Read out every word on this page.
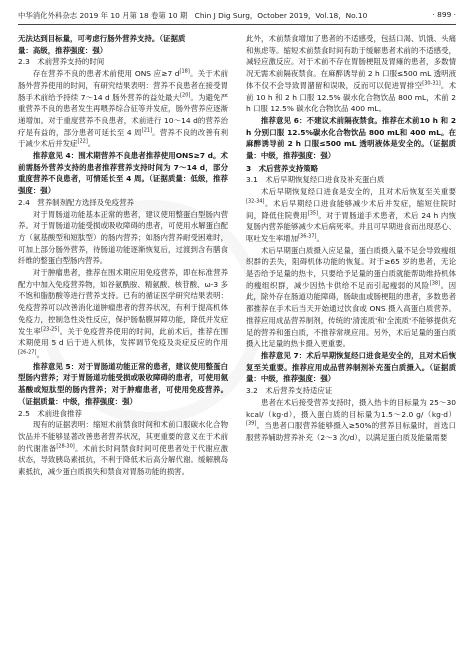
中华消化外科杂志 2019 年 10 月第 18 卷第 10 期　Chin J Dig Surg，October 2019，Vol.18，No.10	· 899 ·

无法达到目标量，可考虑行肠外营养支持。（证据质
量：高级，推荐强度：强）

2.3　术前营养支持的时间

存在营养不良的患者术前使用 ONS 应≥7 d[18]。关于术前肠外营养使用的时间，有研究结果表明：营养不良患者在接受胃肠手术前给予持续 7～14 d 肠外营养的益处最大[20]。为避免严重营养不良的患者发生再喂养综合征等并发症，肠外营养应逐渐递增加。对于重度营养不良患者，术前进行 10～14 d的营养治疗是有益的，部分患者可延长至 4 周[21]。营养不良的改善有利于减少术后并发症[22]。

推荐意见 4：围术期营养不良患者推荐使用ONS≥7 d。术前需肠外营养支持的患者推荐营养支持时间为 7～14 d，部分重度营养不良患者，可情延长至 4 周。（证据质量：低级，推荐强度：强）

2.4　营养制剂配方选择及免疫营养

对于胃肠道功能基本正常的患者，建议使用整蛋白型肠内营养。对于胃肠道功能受损或吸收障碍的患者，可使用水解蛋白配方（氨基酸型和短肽型）的肠内营养；如肠内营养耐受困难时，可加上部分肠外营养，待肠道功能逐渐恢复后，过渡到含有膳食纤维的整蛋白型肠内营养。

对于肿瘤患者，推荐在围术期应用免疫营养，即在标准营养配方中加入免疫营养物，如谷氨酰胺、精氨酸、核苷酸、ω-3 多不饱和脂肪酸等进行营养支持。已有的循证医学研究结果表明：免疫营养可以改善消化道肿瘤患者的营养状况，有利于提高机体免疫力，控制急性炎性反应，保护肠黏膜屏障功能，降低并发症发生率[23-25]。关于免疫营养使用的时间，此前术后，推荐在围术期使用 5 d 后于进入机体，发挥调节免疫及炎症反应的作用[26-27]。

推荐意见 5：对于胃肠道功能正常的患者，建议使用整蛋白型肠内营养；对于胃肠道功能受损或吸收障碍的患者，可使用氨基酸或短肽型的肠内营养；对于肿瘤患者，可使用免疫营养。（证据质量：中级，推荐强度：强）

2.5　术前进食推荐

现有的证据表明：缩短术前禁食时间和术前口服碳水化合物饮品并不能够显著改善患者营养状况，其更重要的意义在于术前的代谢准备[28-30]。术前长时间禁食时间可使患者处于代谢应激状态，导致胰岛素抵抗，不利于降低术后高分解代谢。缓解胰岛素抵抗，减少蛋白质损失和禁食对胃肠功能的损害。

此外，术前禁食增加了患者的不适感受，包括口渴、饥饿、头痛和焦虑等。缩短术前禁食时间有助于缓解患者术前的不适感受，减轻应激反应。对于术前不存在胃肠梗阻及胃瘫的患者，多数情况无需术前隔夜禁食。在麻醉诱导前 2 h 口服≤500 mL 透明液体不仅不会导致胃潴留和误吸，反而可以促进胃排空[30-31]。术前 10 h 和 2 h 口服 12.5% 碳水化合物饮品 800 mL，术前 2 h 口服 12.5% 碳水化合物饮品 400 mL。

推荐意见 6：不建议术前隔夜禁食。推荐在术前10 h 和 2 h 分别口服 12.5%碳水化合物饮品 800 mL和 400 mL。在麻醉诱导前 2 h 口服≤500 mL 透明液体是安全的。（证据质量：中级，推荐强度：强）

3　术后营养支持策略

3.1　术后早期恢复经口进食及补充蛋白质

术后早期恢复经口进食是安全的，且对术后恢复至关重要[32-34]。术后早期经口进食能够减少术后并发症，缩短住院时间，降低住院费用[35]。对于胃肠道手术患者，术后 24 h 内恢复肠内营养能够减少术后病死率。并且可早期进食而出现恶心、呕吐发生率增加[36-37]。

术后早期蛋白质摄入应足量，蛋白质摄入量不足会导致瘦组织群的丢失，阻碍机体功能的恢复。对于≥65 岁的患者，无论是否给予足量的热卡，只要给予足量的蛋白质就能帮助维持机体的瘦组织群，减少因热卡供给不足而引起瘦弱的风险[38]。因此，除外存在肠道功能障碍，肠缺血或肠梗阻的患者，多数患者都推荐在手术后当天开始通过饮食或 ONS 摄入高蛋白质营养。推荐应用成品营养制剂，传统的'清流质'和'全流质'不能够提供充足的营养和蛋白质，不推荐常规应用。另外，术后足量的蛋白质摄入比足量的热卡摄入更重要。

推荐意见 7：术后早期恢复经口进食是安全的，且对术后恢复至关重要。推荐应用成品营养制剂补充蛋白质摄入。（证据质量：中级，推荐强度：强）

3.2　术后营养支持适应证

患者在术后接受营养支持时，摄入热卡的目标量为 25～30 kcal/（kg·d），摄入蛋白质的目标量为1.5～2.0 g/（kg·d）[39]。当患者口服营养能够摄入≥50%的营养目标量时，首选口服营养辅助营养补充（2～3 次/d），以满足蛋白质及能量需要
